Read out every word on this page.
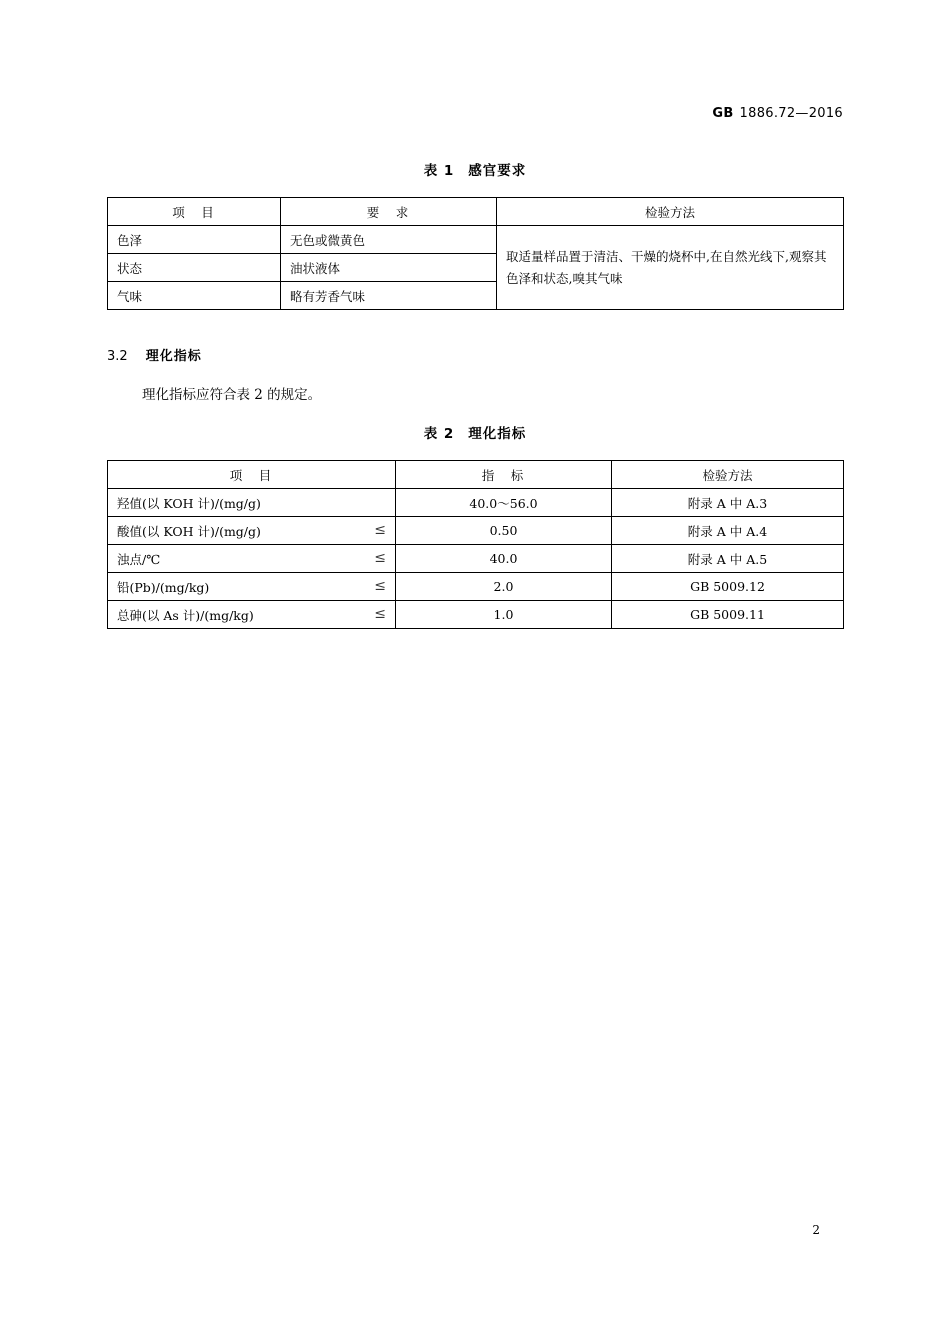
GB 1886.72—2016
表 1 感官要求
项　目	要　求	检验方法
色泽	无色或微黄色	取适量样品置于清洁、干燥的烧杯中,在自然光线下,观察其色泽和状态,嗅其气味
状态	油状液体	
气味	略有芳香气味	
3.2 理化指标
理化指标应符合表 2 的规定。
表 2 理化指标
项　目	指　标	检验方法
羟值(以 KOH 计)/(mg/g)	40.0～56.0	附录 A 中 A.3
酸值(以 KOH 计)/(mg/g) ≤	0.50	附录 A 中 A.4
浊点/℃ ≤	40.0	附录 A 中 A.5
铅(Pb)/(mg/kg) ≤	2.0	GB 5009.12
总砷(以 As 计)/(mg/kg) ≤	1.0	GB 5009.11
2
